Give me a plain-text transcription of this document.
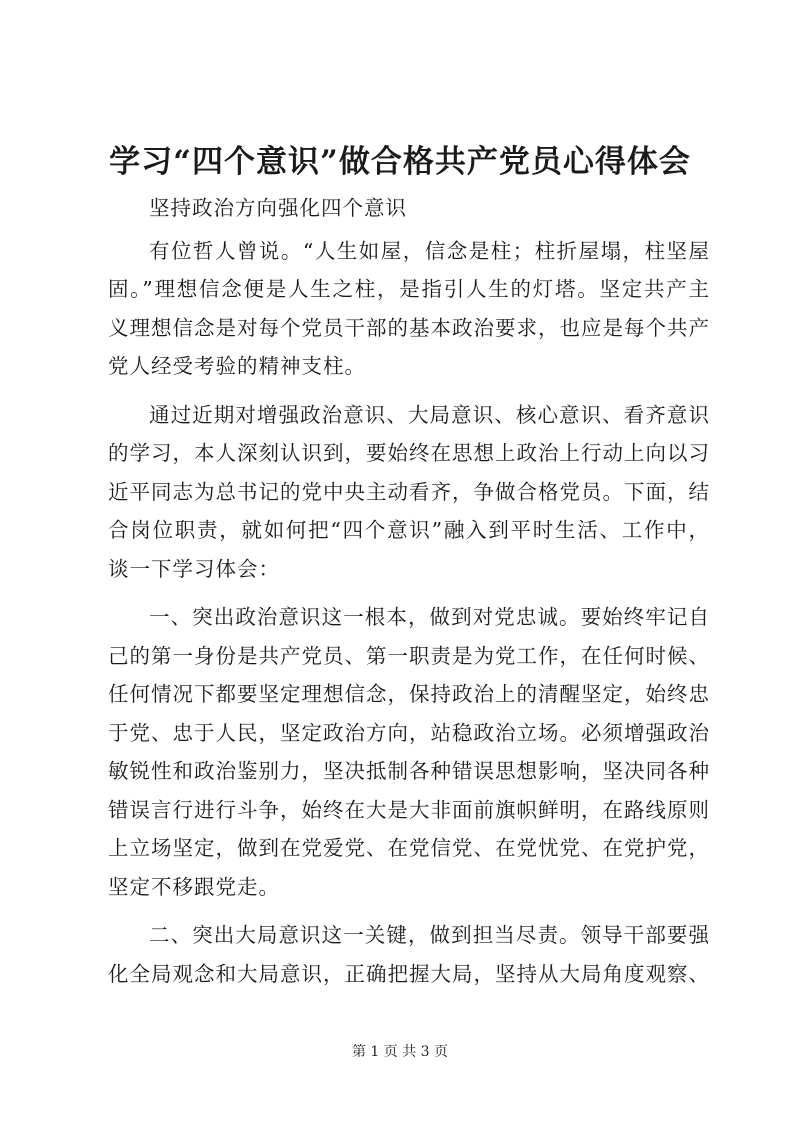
学习“四个意识”做合格共产党员心得体会

坚持政治方向强化四个意识

有位哲人曾说。“人生如屋，信念是柱；柱折屋塌，柱坚屋固。”理想信念便是人生之柱，是指引人生的灯塔。坚定共产主义理想信念是对每个党员干部的基本政治要求，也应是每个共产党人经受考验的精神支柱。

通过近期对增强政治意识、大局意识、核心意识、看齐意识的学习，本人深刻认识到，要始终在思想上政治上行动上向以习近平同志为总书记的党中央主动看齐，争做合格党员。下面，结合岗位职责，就如何把“四个意识”融入到平时生活、工作中，谈一下学习体会：

一、突出政治意识这一根本，做到对党忠诚。要始终牢记自己的第一身份是共产党员、第一职责是为党工作，在任何时候、任何情况下都要坚定理想信念，保持政治上的清醒坚定，始终忠于党、忠于人民，坚定政治方向，站稳政治立场。必须增强政治敏锐性和政治鉴别力，坚决抵制各种错误思想影响，坚决同各种错误言行进行斗争，始终在大是大非面前旗帜鲜明，在路线原则上立场坚定，做到在党爱党、在党信党、在党忧党、在党护党，坚定不移跟党走。

二、突出大局意识这一关键，做到担当尽责。领导干部要强化全局观念和大局意识，正确把握大局，坚持从大局角度观察、

第 1 页 共 3 页
